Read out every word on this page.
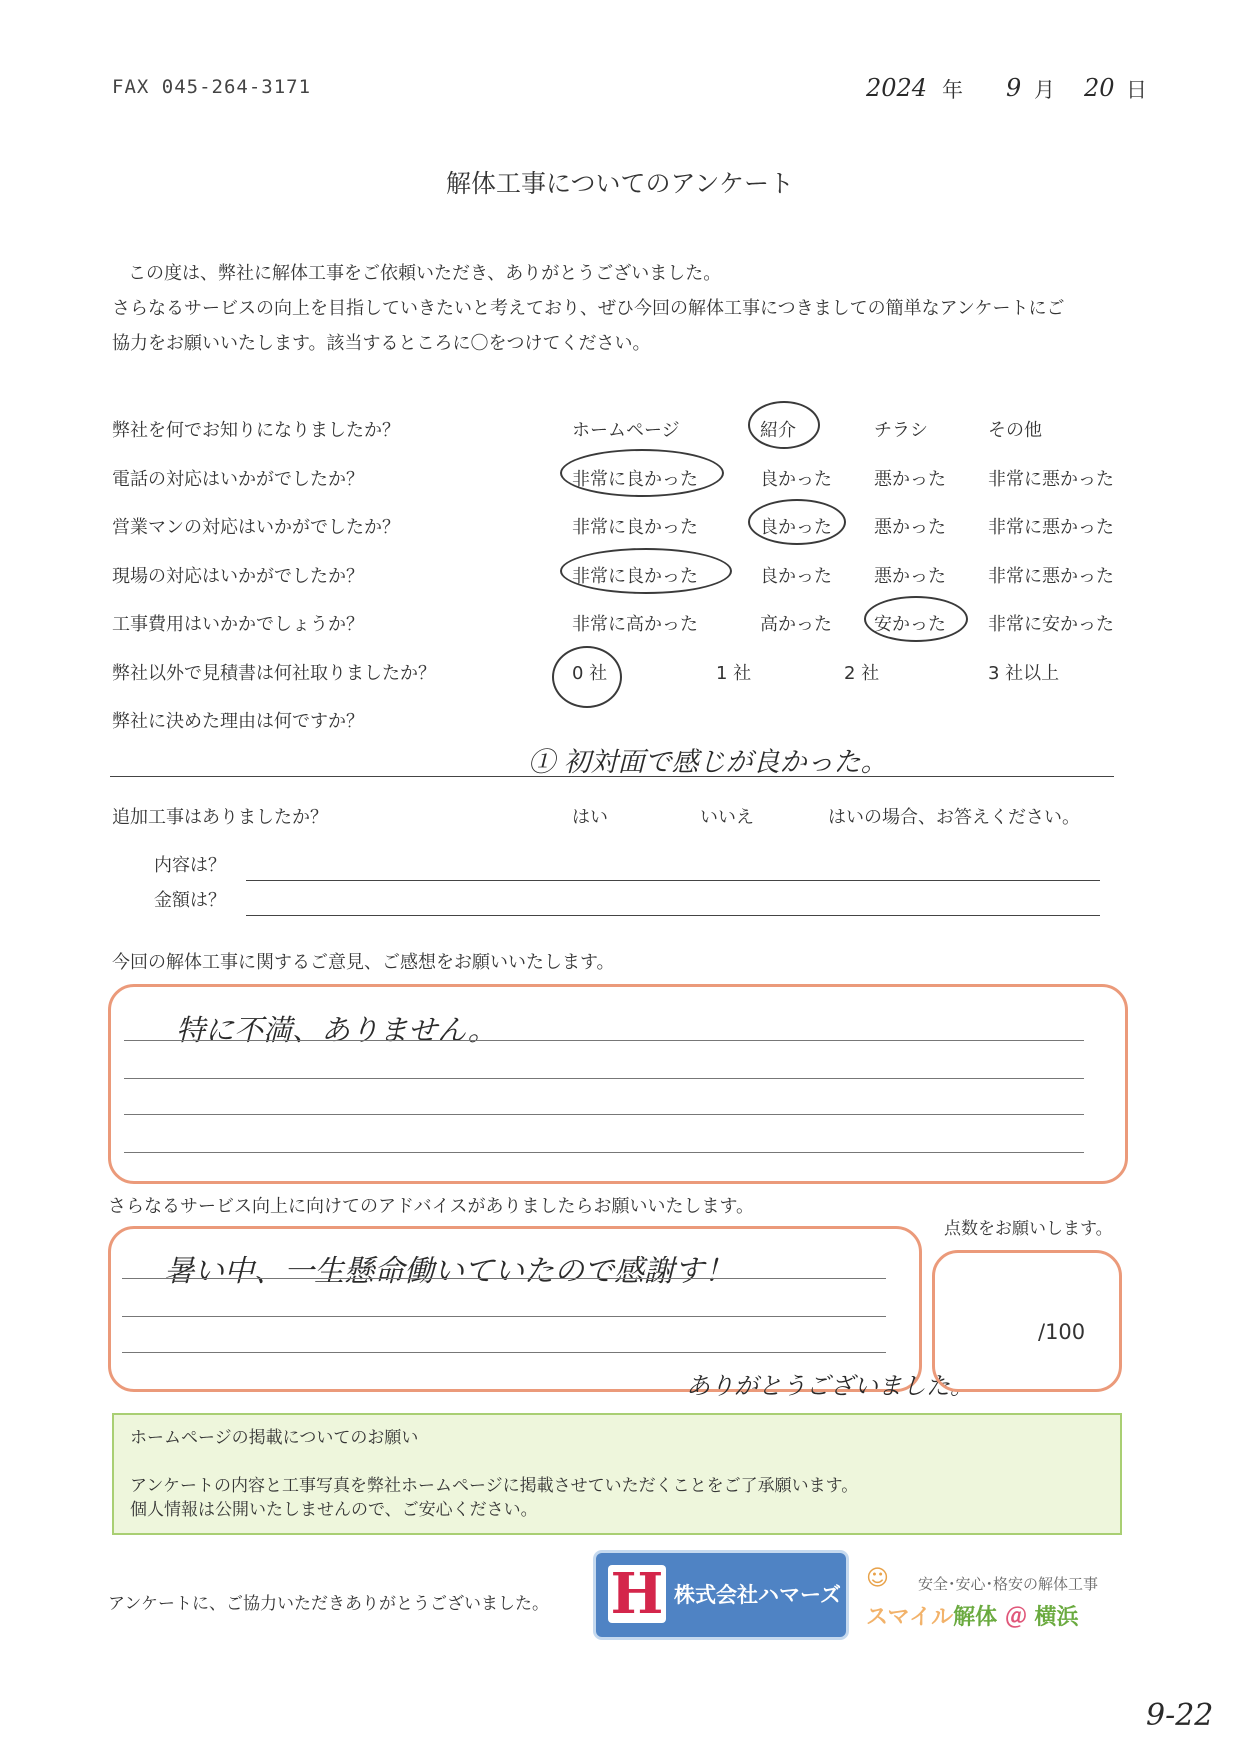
FAX 045-264-3171	2024 年 9 月 20 日
解体工事についてのアンケート
この度は、弊社に解体工事をご依頼いただき、ありがとうございました。
さらなるサービスの向上を目指していきたいと考えており、ぜひ今回の解体工事につきましての簡単なアンケートにご
協力をお願いいたします。該当するところに〇をつけてください。
弊社を何でお知りになりましたか？	ホームページ	紹介	チラシ	その他
電話の対応はいかがでしたか？	非常に良かった	良かった 悪かった 非常に悪かった
営業マンの対応はいかがでしたか？	非常に良かった	良かった 悪かった 非常に悪かった
現場の対応はいかがでしたか？	非常に良かった	良かった 悪かった 非常に悪かった
工事費用はいかかでしょうか？	非常に高かった	高かった 安かった 非常に安かった
弊社以外で見積書は何社取りましたか？	0 社	1 社	2 社	3 社以上
弊社に決めた理由は何ですか？
① 初対面で感じが良かった。
追加工事はありましたか？	はい	いいえ	はいの場合、お答えください。
内容は？
金額は？
今回の解体工事に関するご意見、ご感想をお願いいたします。
特に不満、ありません。
さらなるサービス向上に向けてのアドバイスがありましたらお願いいたします。
暑い中、一生懸命働いていたので感謝す！
ありがとうございました。
点数をお願いします。
/100

ホームページの掲載についてのお願い

アンケートの内容と工事写真を弊社ホームページに掲載させていただくことをご了承願います。

個人情報は公開いたしませんので、ご安心ください。

アンケートに、ご協力いただきありがとうございました。 H 株式会社ハマーズ
☺ 安全･安心･格安の解体工事
スマイル解体 ＠ 横浜
9-22
